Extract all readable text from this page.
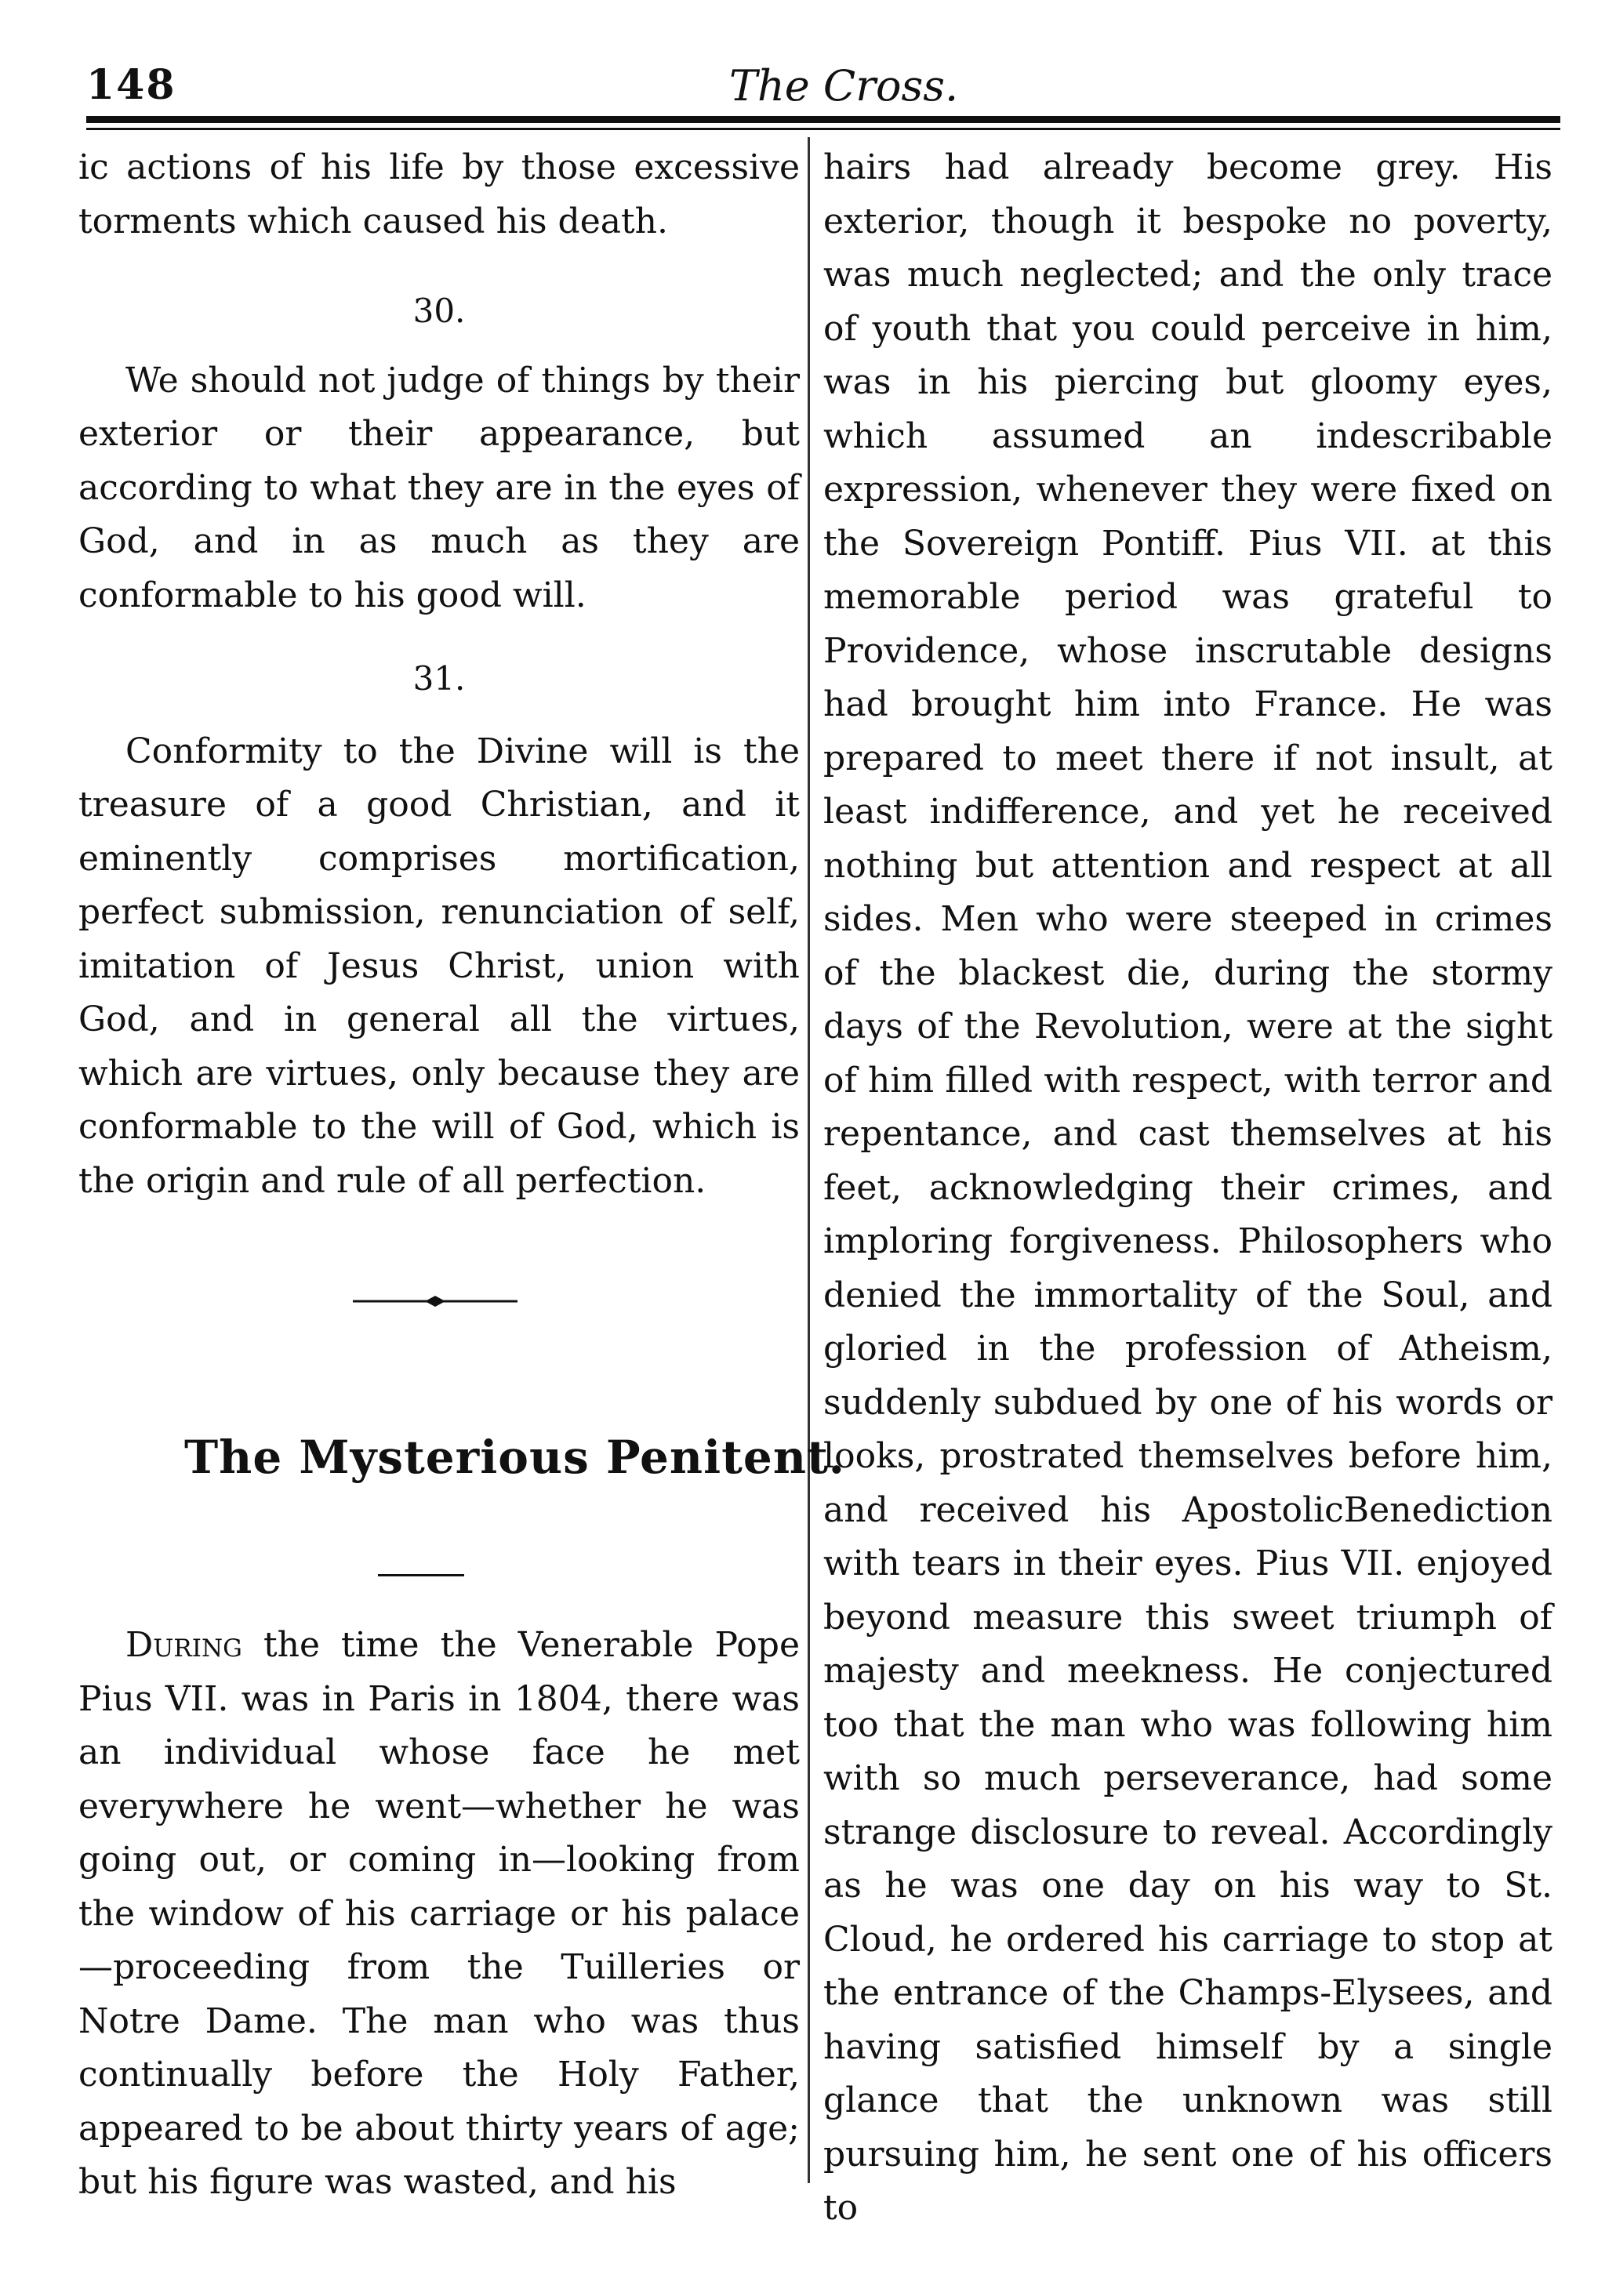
148	The Cross.

ic actions of his life by those excessive torments which caused his death.

30.

We should not judge of things by their exterior or their appearance, but according to what they are in the eyes of God, and in as much as they are conformable to his good will.

31.

Conformity to the Divine will is the treasure of a good Christian, and it eminently comprises mortification, perfect submission, renunciation of self, imitation of Jesus Christ, union with God, and in general all the virtues, which are virtues, only because they are conformable to the will of God, which is the origin and rule of all perfection.

The Mysterious Penitent.

During the time the Venerable Pope Pius VII. was in Paris in 1804, there was an individual whose face he met everywhere he went—whether he was going out, or coming in—looking from the window of his carriage or his palace—proceeding from the Tuilleries or Notre Dame. The man who was thus continually before the Holy Father, appeared to be about thirty years of age; but his figure was wasted, and his

hairs had already become grey. His exterior, though it bespoke no poverty, was much neglected; and the only trace of youth that you could perceive in him, was in his piercing but gloomy eyes, which assumed an indescribable expression, whenever they were fixed on the Sovereign Pontiff. Pius VII. at this memorable period was grateful to Providence, whose inscrutable designs had brought him into France. He was prepared to meet there if not insult, at least indifference, and yet he received nothing but attention and respect at all sides. Men who were steeped in crimes of the blackest die, during the stormy days of the Revolution, were at the sight of him filled with respect, with terror and repentance, and cast themselves at his feet, acknowledging their crimes, and imploring forgiveness. Philosophers who denied the immortality of the Soul, and gloried in the profession of Atheism, suddenly subdued by one of his words or looks, prostrated themselves before him, and received his ApostolicBenediction with tears in their eyes. Pius VII. enjoyed beyond measure this sweet triumph of majesty and meekness. He conjectured too that the man who was following him with so much perseverance, had some strange disclosure to reveal. Accordingly as he was one day on his way to St. Cloud, he ordered his carriage to stop at the entrance of the Champs-Elysees, and having satisfied himself by a single glance that the unknown was still pursuing him, he sent one of his officers to
